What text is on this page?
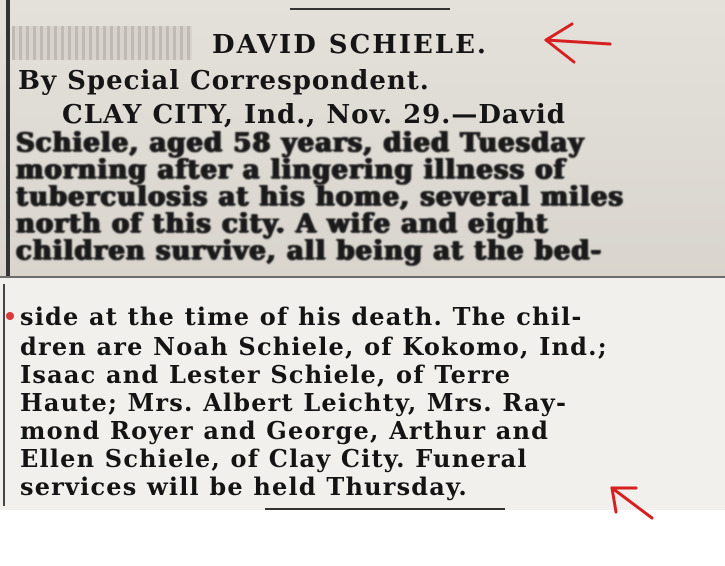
DAVID SCHIELE.
By Special Correspondent.
CLAY CITY, Ind., Nov. 29.—David
Schiele, aged 58 years, died Tuesday
morning after a lingering illness of
tuberculosis at his home, several miles
north of this city. A wife and eight
children survive, all being at the bed-
side at the time of his death. The chil-
dren are Noah Schiele, of Kokomo, Ind.;
Isaac and Lester Schiele, of Terre
Haute; Mrs. Albert Leichty, Mrs. Ray-
mond Royer and George, Arthur and
Ellen Schiele, of Clay City. Funeral
services will be held Thursday.
